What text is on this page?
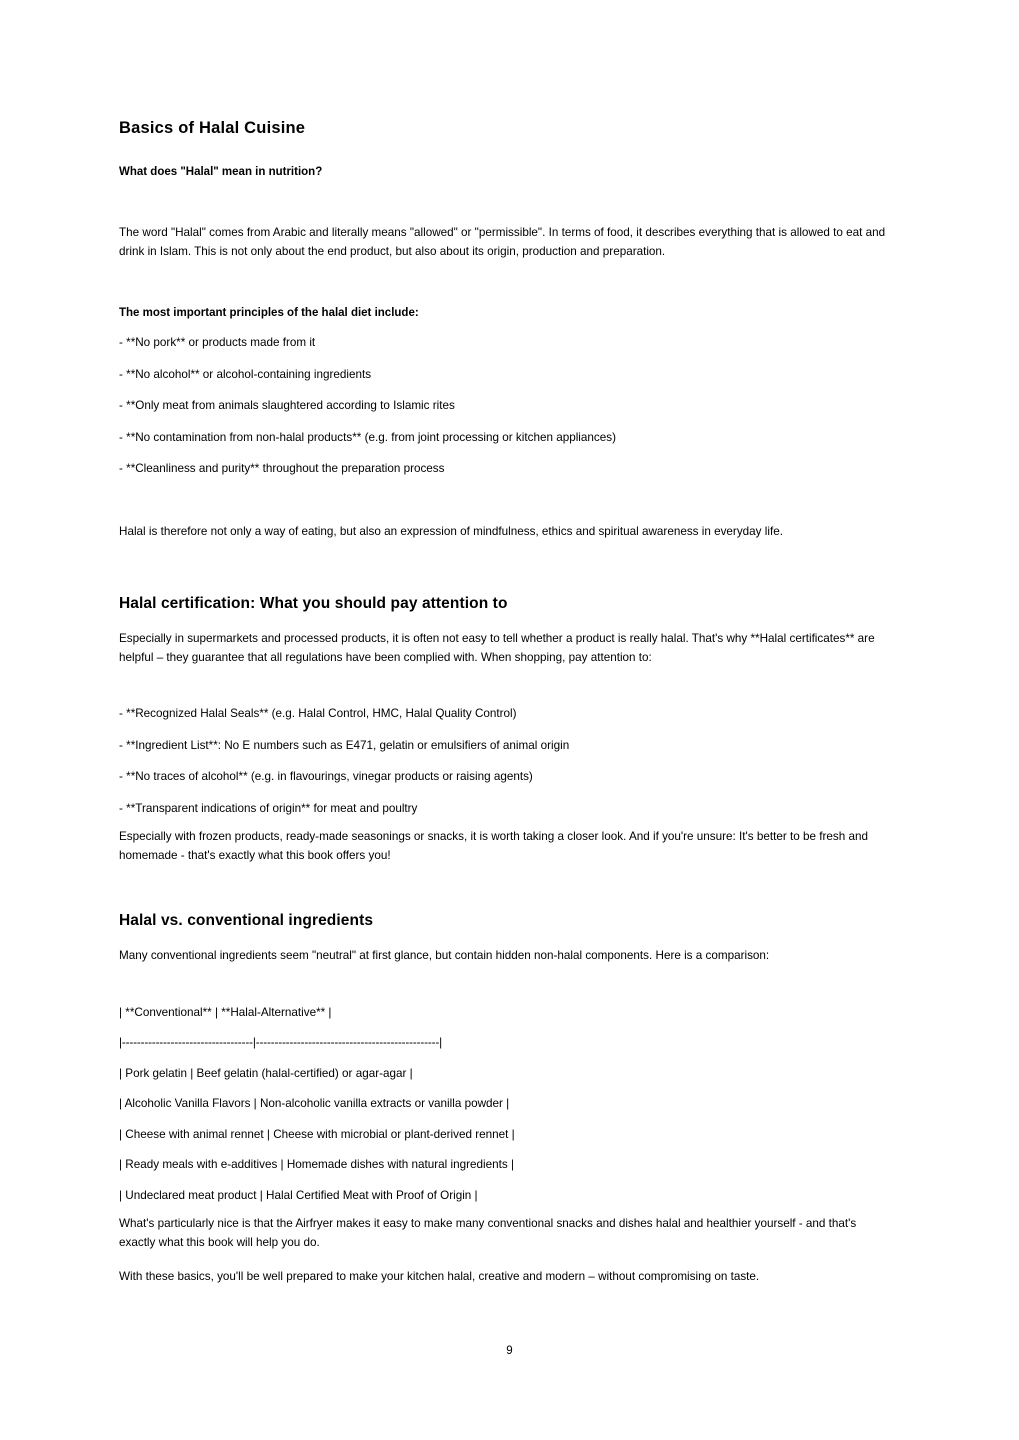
Basics of Halal Cuisine
What does "Halal" mean in nutrition?

The word "Halal" comes from Arabic and literally means "allowed" or "permissible". In terms of food, it describes everything that is allowed to eat and drink in Islam. This is not only about the end product, but also about its origin, production and preparation.

The most important principles of the halal diet include:

- **No pork** or products made from it

- **No alcohol** or alcohol-containing ingredients

- **Only meat from animals slaughtered according to Islamic rites

- **No contamination from non-halal products** (e.g. from joint processing or kitchen appliances)

- **Cleanliness and purity** throughout the preparation process

Halal is therefore not only a way of eating, but also an expression of mindfulness, ethics and spiritual awareness in everyday life.

Halal certification: What you should pay attention to

Especially in supermarkets and processed products, it is often not easy to tell whether a product is really halal. That's why **Halal certificates** are helpful – they guarantee that all regulations have been complied with. When shopping, pay attention to:

- **Recognized Halal Seals** (e.g. Halal Control, HMC, Halal Quality Control)

- **Ingredient List**: No E numbers such as E471, gelatin or emulsifiers of animal origin

- **No traces of alcohol** (e.g. in flavourings, vinegar products or raising agents)

- **Transparent indications of origin** for meat and poultry

Especially with frozen products, ready-made seasonings or snacks, it is worth taking a closer look. And if you're unsure: It's better to be fresh and homemade - that's exactly what this book offers you!

Halal vs. conventional ingredients

Many conventional ingredients seem "neutral" at first glance, but contain hidden non-halal components. Here is a comparison:

| **Conventional** | **Halal-Alternative** |

|-----------------------------------|-------------------------------------------------|

| Pork gelatin | Beef gelatin (halal-certified) or agar-agar |

| Alcoholic Vanilla Flavors | Non-alcoholic vanilla extracts or vanilla powder |

| Cheese with animal rennet | Cheese with microbial or plant-derived rennet |

| Ready meals with e-additives | Homemade dishes with natural ingredients |

| Undeclared meat product | Halal Certified Meat with Proof of Origin |

What's particularly nice is that the Airfryer makes it easy to make many conventional snacks and dishes halal and healthier yourself - and that's exactly what this book will help you do.

With these basics, you'll be well prepared to make your kitchen halal, creative and modern – without compromising on taste.

9
